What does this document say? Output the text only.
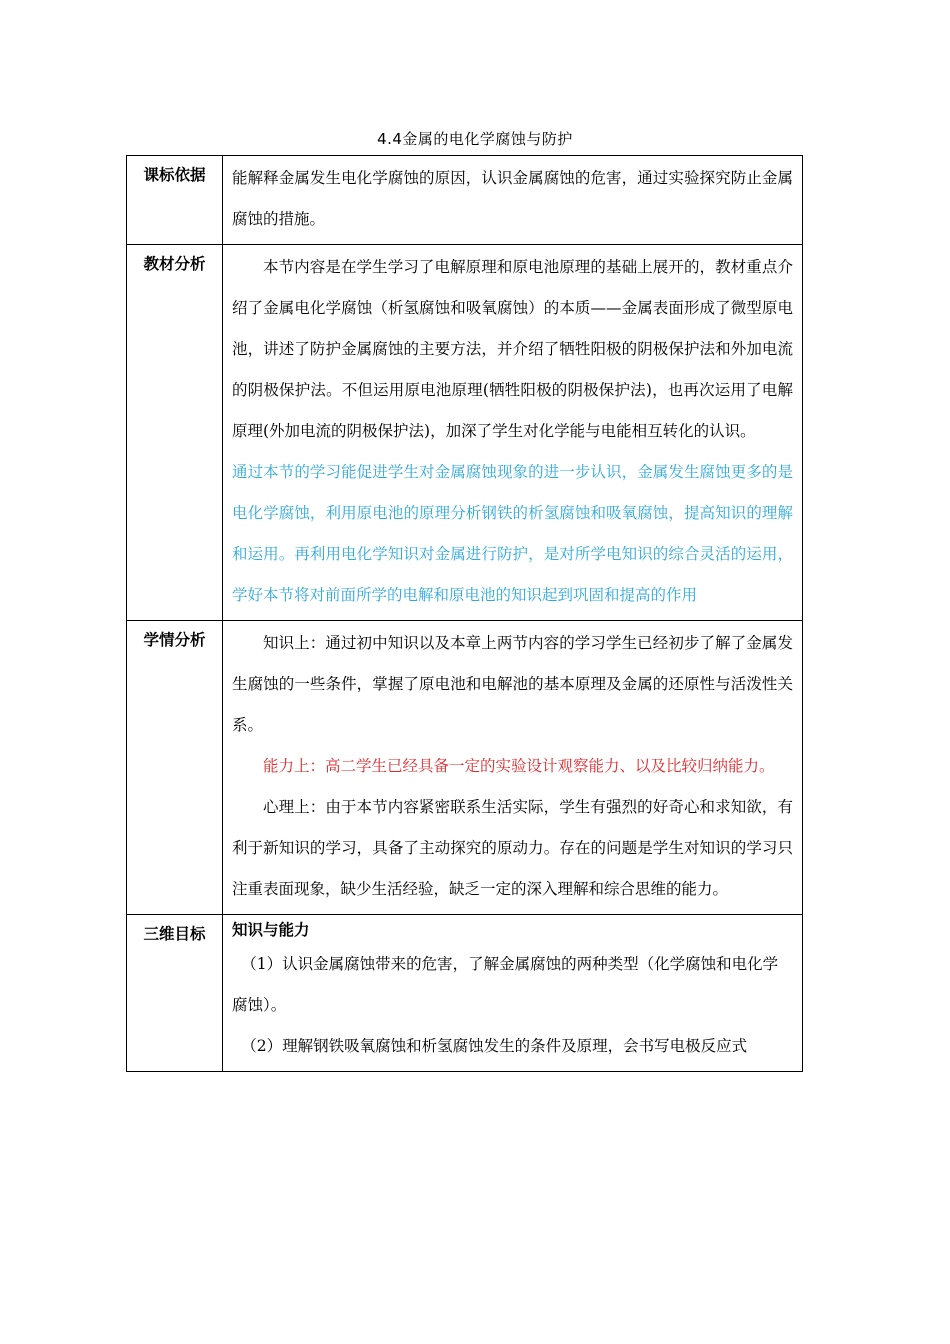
4.4金属的电化学腐蚀与防护
课标依据	能解释金属发生电化学腐蚀的原因，认识金属腐蚀的危害，通过实验探究防止金属腐蚀的措施。

教材分析	本节内容是在学生学习了电解原理和原电池原理的基础上展开的，教材重点介绍了金属电化学腐蚀（析氢腐蚀和吸氧腐蚀）的本质——金属表面形成了微型原电池，讲述了防护金属腐蚀的主要方法，并介绍了牺牲阳极的阴极保护法和外加电流的阴极保护法。不但运用原电池原理(牺牲阳极的阴极保护法)，也再次运用了电解原理(外加电流的阴极保护法)，加深了学生对化学能与电能相互转化的认识。

通过本节的学习能促进学生对金属腐蚀现象的进一步认识，金属发生腐蚀更多的是电化学腐蚀，利用原电池的原理分析钢铁的析氢腐蚀和吸氧腐蚀，提高知识的理解和运用。再利用电化学知识对金属进行防护，是对所学电知识的综合灵活的运用，学好本节将对前面所学的电解和原电池的知识起到巩固和提高的作用

学情分析	知识上：通过初中知识以及本章上两节内容的学习学生已经初步了解了金属发生腐蚀的一些条件，掌握了原电池和电解池的基本原理及金属的还原性与活泼性关系。

能力上：高二学生已经具备一定的实验设计观察能力、以及比较归纳能力。

心理上：由于本节内容紧密联系生活实际，学生有强烈的好奇心和求知欲，有利于新知识的学习，具备了主动探究的原动力。存在的问题是学生对知识的学习只注重表面现象，缺少生活经验，缺乏一定的深入理解和综合思维的能力。

三维目标	知识与能力

（1）认识金属腐蚀带来的危害，了解金属腐蚀的两种类型（化学腐蚀和电化学腐蚀）。

（2）理解钢铁吸氧腐蚀和析氢腐蚀发生的条件及原理，会书写电极反应式
